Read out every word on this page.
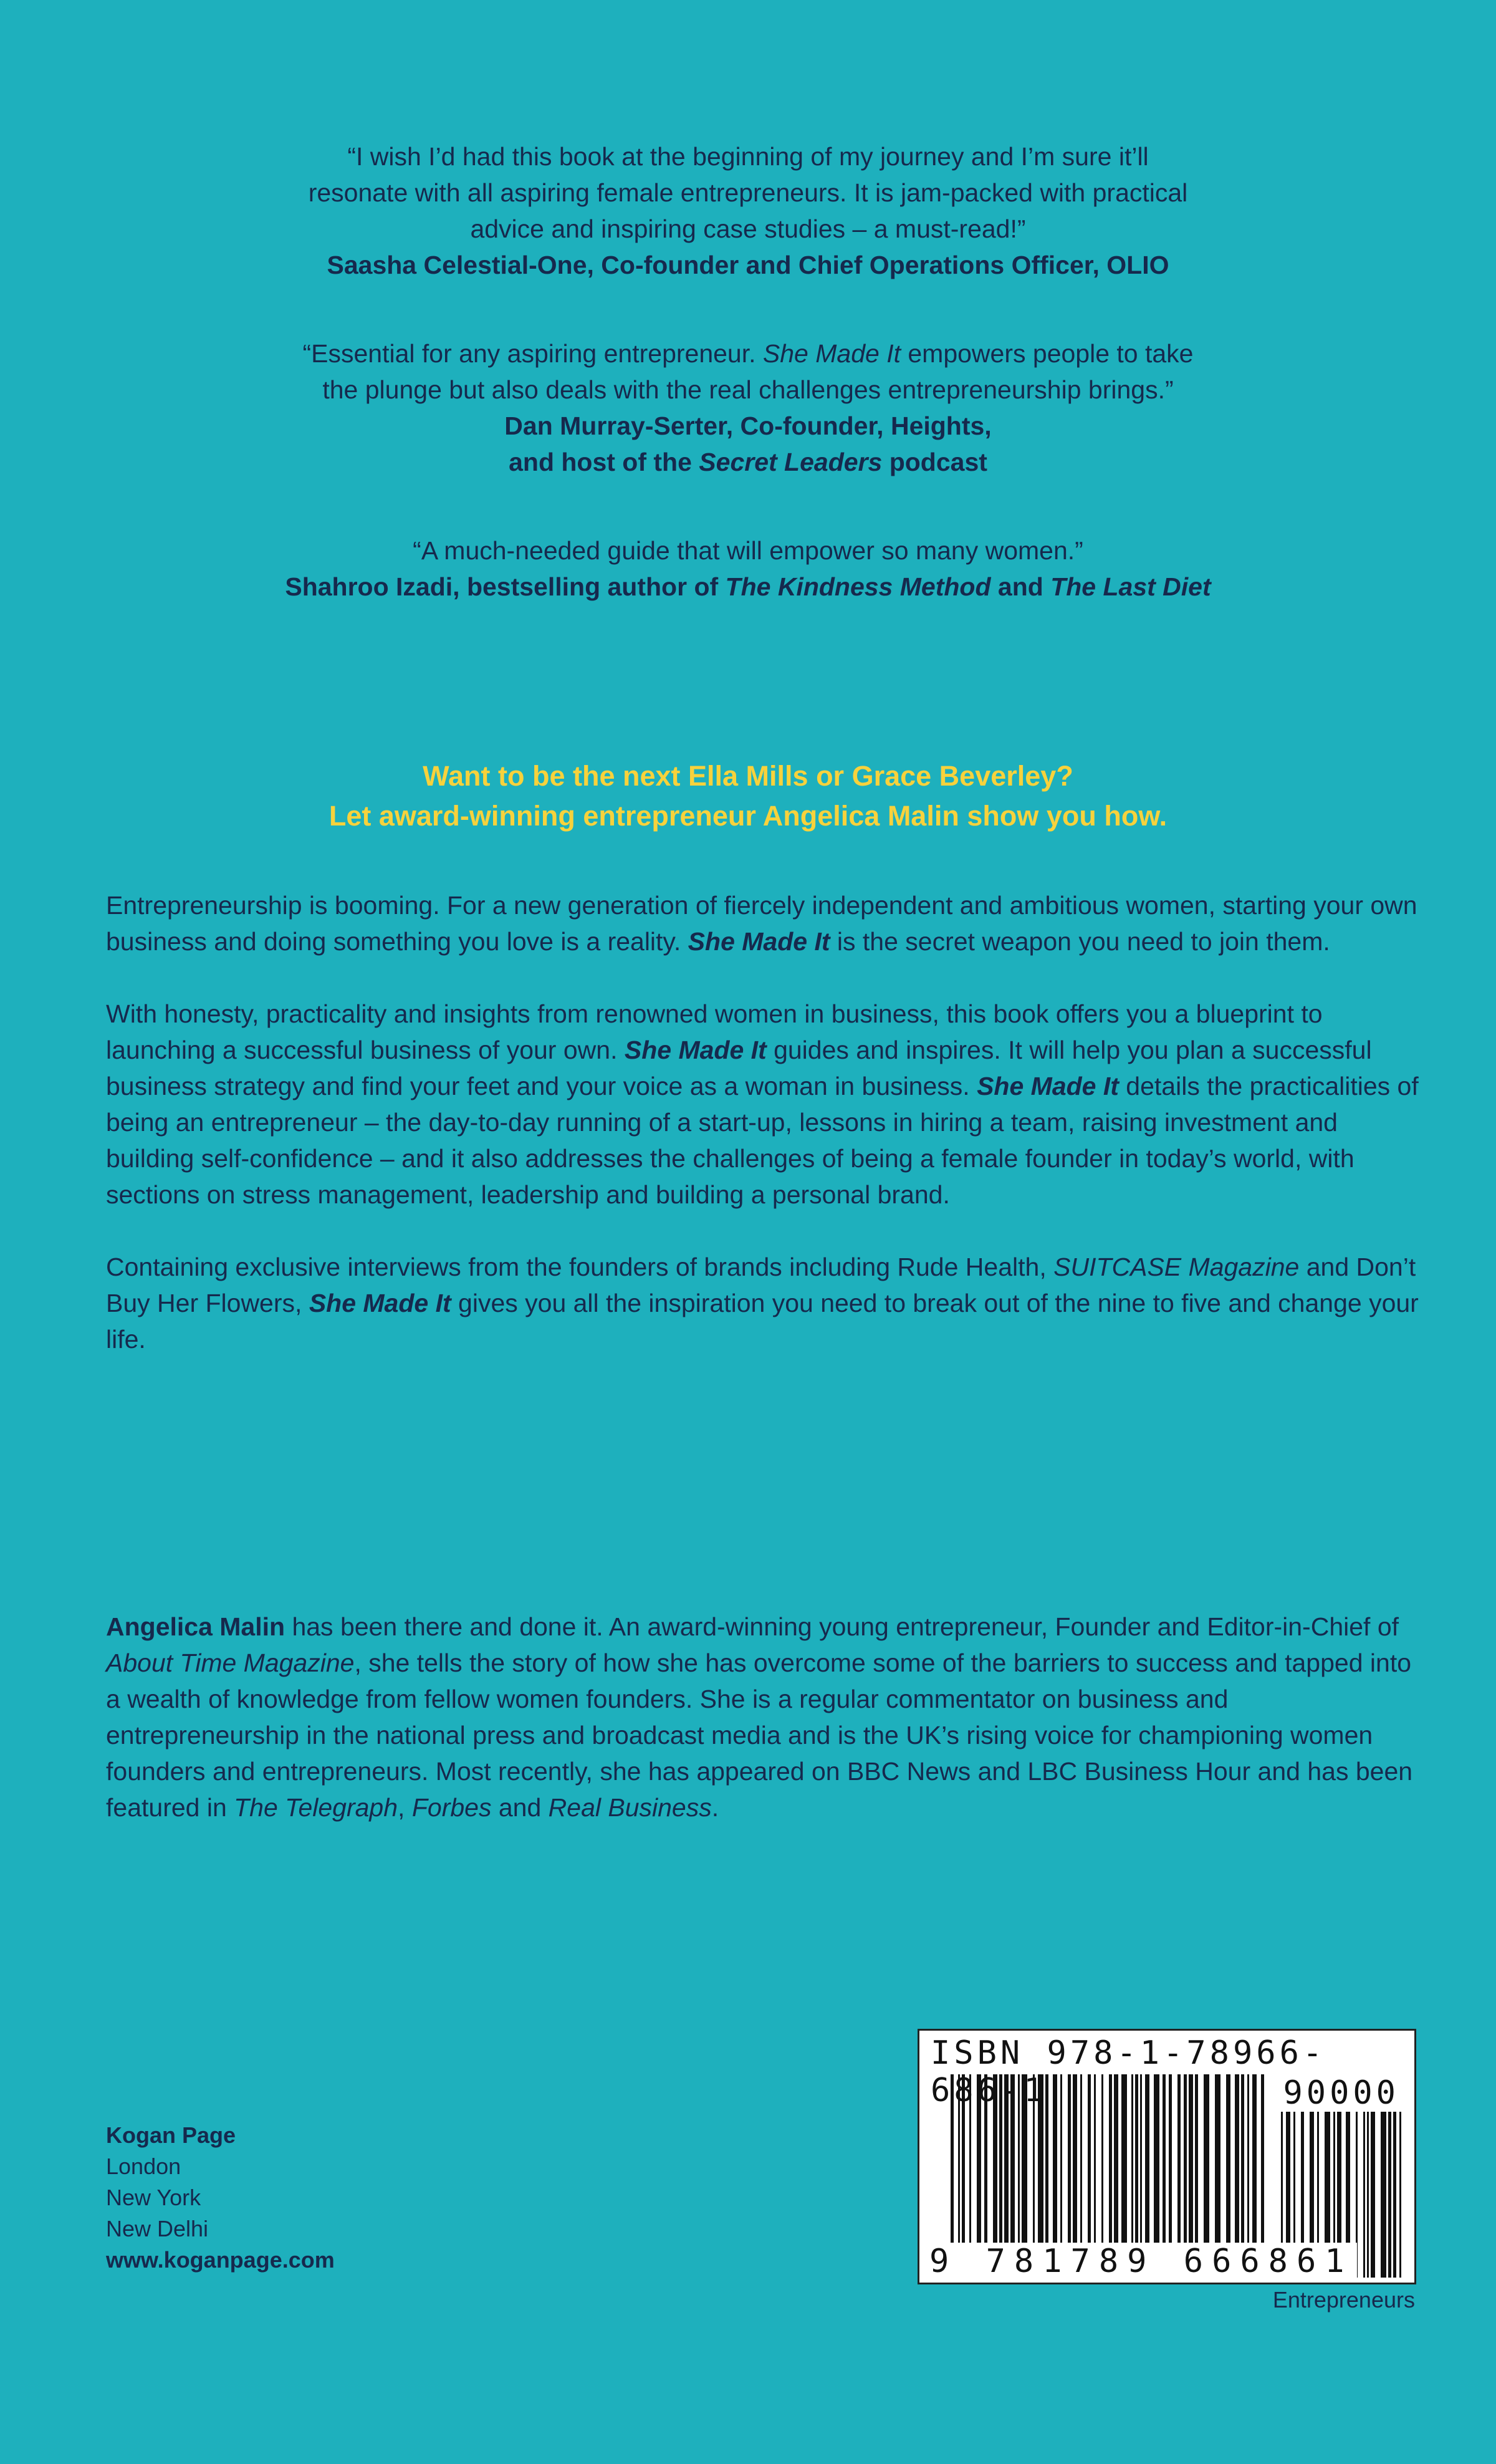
“I wish I’d had this book at the beginning of my journey and I’m sure it’ll

resonate with all aspiring female entrepreneurs. It is jam-packed with practical

advice and inspiring case studies – a must-read!”

Saasha Celestial-One, Co-founder and Chief Operations Officer, OLIO

“Essential for any aspiring entrepreneur. She Made It empowers people to take

the plunge but also deals with the real challenges entrepreneurship brings.”

Dan Murray-Serter, Co-founder, Heights,

and host of the Secret Leaders podcast

“A much-needed guide that will empower so many women.”

Shahroo Izadi, bestselling author of The Kindness Method and The Last Diet

Want to be the next Ella Mills or Grace Beverley?

Let award-winning entrepreneur Angelica Malin show you how.

Entrepreneurship is booming. For a new generation of fiercely independent and ambitious women, starting your own business and doing something you love is a reality. She Made It is the secret weapon you need to join them.

With honesty, practicality and insights from renowned women in business, this book offers you a blueprint to launching a successful business of your own. She Made It guides and inspires. It will help you plan a successful business strategy and find your feet and your voice as a woman in business. She Made It details the practicalities of being an entrepreneur – the day-to-day running of a start-up, lessons in hiring a team, raising investment and building self-confidence – and it also addresses the challenges of being a female founder in today’s world, with sections on stress management, leadership and building a personal brand.

Containing exclusive interviews from the founders of brands including Rude Health, SUITCASE Magazine and Don’t Buy Her Flowers, She Made It gives you all the inspiration you need to break out of the nine to five and change your life.

Angelica Malin has been there and done it. An award-winning young entrepreneur, Founder and Editor-in-Chief of About Time Magazine, she tells the story of how she has overcome some of the barriers to success and tapped into a wealth of knowledge from fellow women founders. She is a regular commentator on business and entrepreneurship in the national press and broadcast media and is the UK’s rising voice for championing women founders and entrepreneurs. Most recently, she has appeared on BBC News and LBC Business Hour and has been featured in The Telegraph, Forbes and Real Business.

Kogan Page
London
New York
New Delhi
www.koganpage.com
ISBN 978-1-78966-686-1	90000
9 781789 666861
Entrepreneurs
